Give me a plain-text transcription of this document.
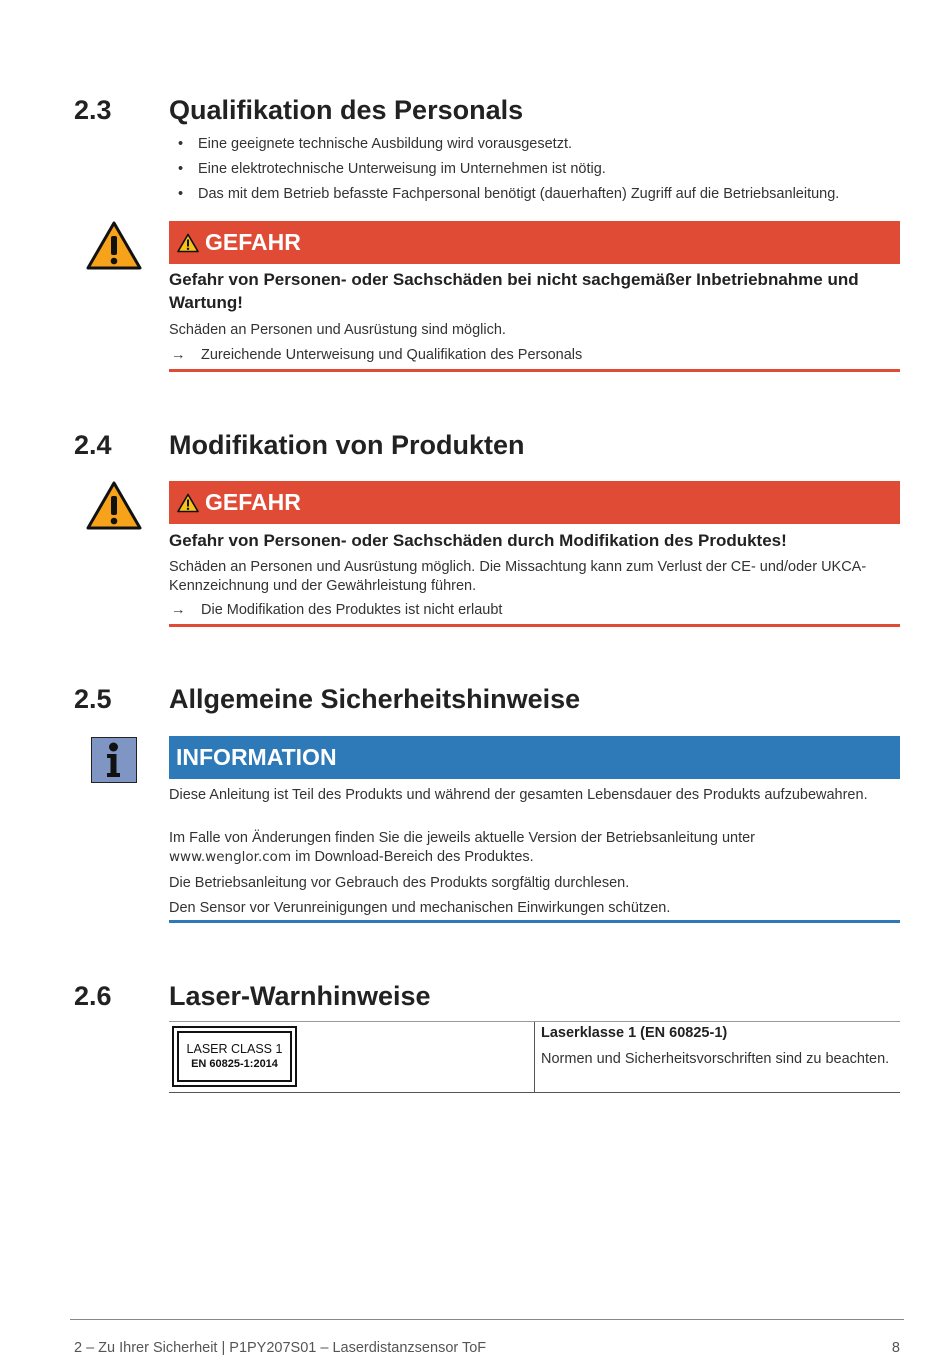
2.3 Qualifikation des Personals
• Eine geeignete technische Ausbildung wird vorausgesetzt.
• Eine elektrotechnische Unterweisung im Unternehmen ist nötig.
• Das mit dem Betrieb befasste Fachpersonal benötigt (dauerhaften) Zugriff auf die Betriebsanleitung.
GEFAHR
Gefahr von Personen- oder Sachschäden bei nicht sachgemäßer Inbetriebnahme und Wartung!
Schäden an Personen und Ausrüstung sind möglich.
→ Zureichende Unterweisung und Qualifikation des Personals
2.4 Modifikation von Produkten
GEFAHR
Gefahr von Personen- oder Sachschäden durch Modifikation des Produktes!
Schäden an Personen und Ausrüstung möglich. Die Missachtung kann zum Verlust der CE- und/oder UKCA-Kennzeichnung und der Gewährleistung führen.
→ Die Modifikation des Produktes ist nicht erlaubt
2.5 Allgemeine Sicherheitshinweise
INFORMATION
Diese Anleitung ist Teil des Produkts und während der gesamten Lebensdauer des Produkts aufzubewahren.
Im Falle von Änderungen finden Sie die jeweils aktuelle Version der Betriebsanleitung unter
www.wenglor.com im Download-Bereich des Produktes.
Die Betriebsanleitung vor Gebrauch des Produkts sorgfältig durchlesen.
Den Sensor vor Verunreinigungen und mechanischen Einwirkungen schützen.
2.6 Laser-Warnhinweise
LASER CLASS 1
EN 60825-1:2014
Laserklasse 1 (EN 60825-1)
Normen und Sicherheitsvorschriften sind zu beachten.
2 – Zu Ihrer Sicherheit | P1PY207S01 – Laserdistanzsensor ToF	8
